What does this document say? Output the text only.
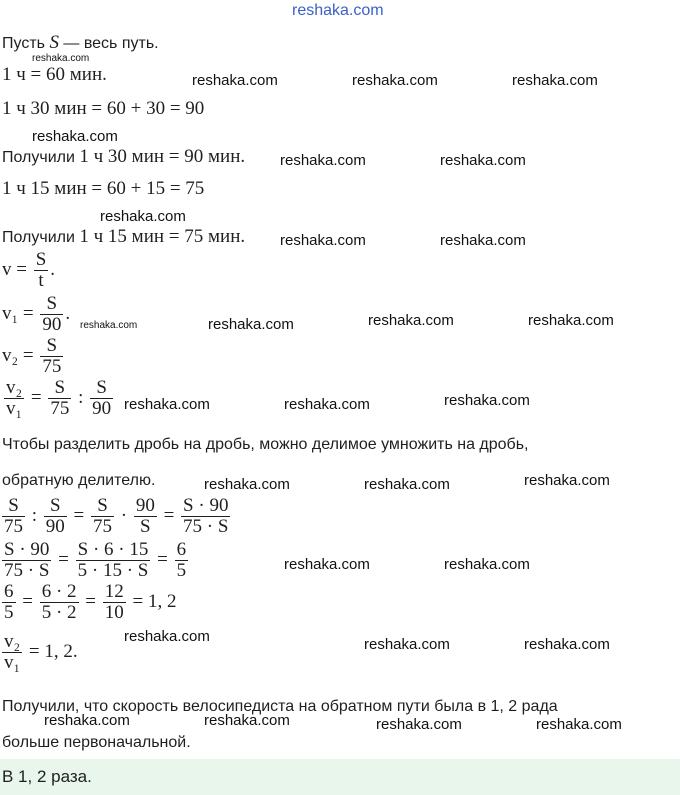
reshaka.com
Пусть S — весь путь.
reshaka.com
1 ч = 60 мин.	reshaka.com	reshaka.com	reshaka.com
1 ч 30 мин = 60 + 30 = 90
reshaka.com
Получили 1 ч 30 мин = 90 мин. reshaka.com	reshaka.com
1 ч 15 мин = 60 + 15 = 75
reshaka.com
Получили 1 ч 15 мин = 75 мин. reshaka.com	reshaka.com
$v = \frac{S}{t}$ .
$v_1 = \frac{S}{90}$ .
reshaka.com	reshaka.com	reshaka.com	reshaka.com
$v_2 = \frac{S}{75}$
$\frac{\text{v₂}}{\text{v₁}} = \frac{S}{75}$ : $\frac{S}{90}$ reshaka.com	reshaka.com	reshaka.com
Чтобы разделить дробь на дробь, можно делимое умножить на дробь,
обратную делителю.	reshaka.com	reshaka.com	reshaka.com
$\frac{S}{75}$ : $\frac{S}{90} = \frac{S}{75} \cdot \frac{90}{S} = \frac{S \cdot 90}{75 \cdot S}$
$\frac{S \cdot 90}{75 \cdot S} = \frac{S \cdot 6 \cdot 15}{5 \cdot 15 \cdot S} = \frac{6}{5}$	reshaka.com	reshaka.com
$\frac{6}{5} = \frac{6 \cdot 2}{5 \cdot 2} = \frac{12}{10} = 1$, 2
reshaka.com	reshaka.com	reshaka.com
$\frac{\text{v₂}}{\text{v₁}} = 1$, 2.
Получили, что скорость велосипедиста на обратном пути была в 1, 2 рада
reshaka.com	reshaka.com	reshaka.com	reshaka.com
больше первоначальной.
В 1, 2 раза.
